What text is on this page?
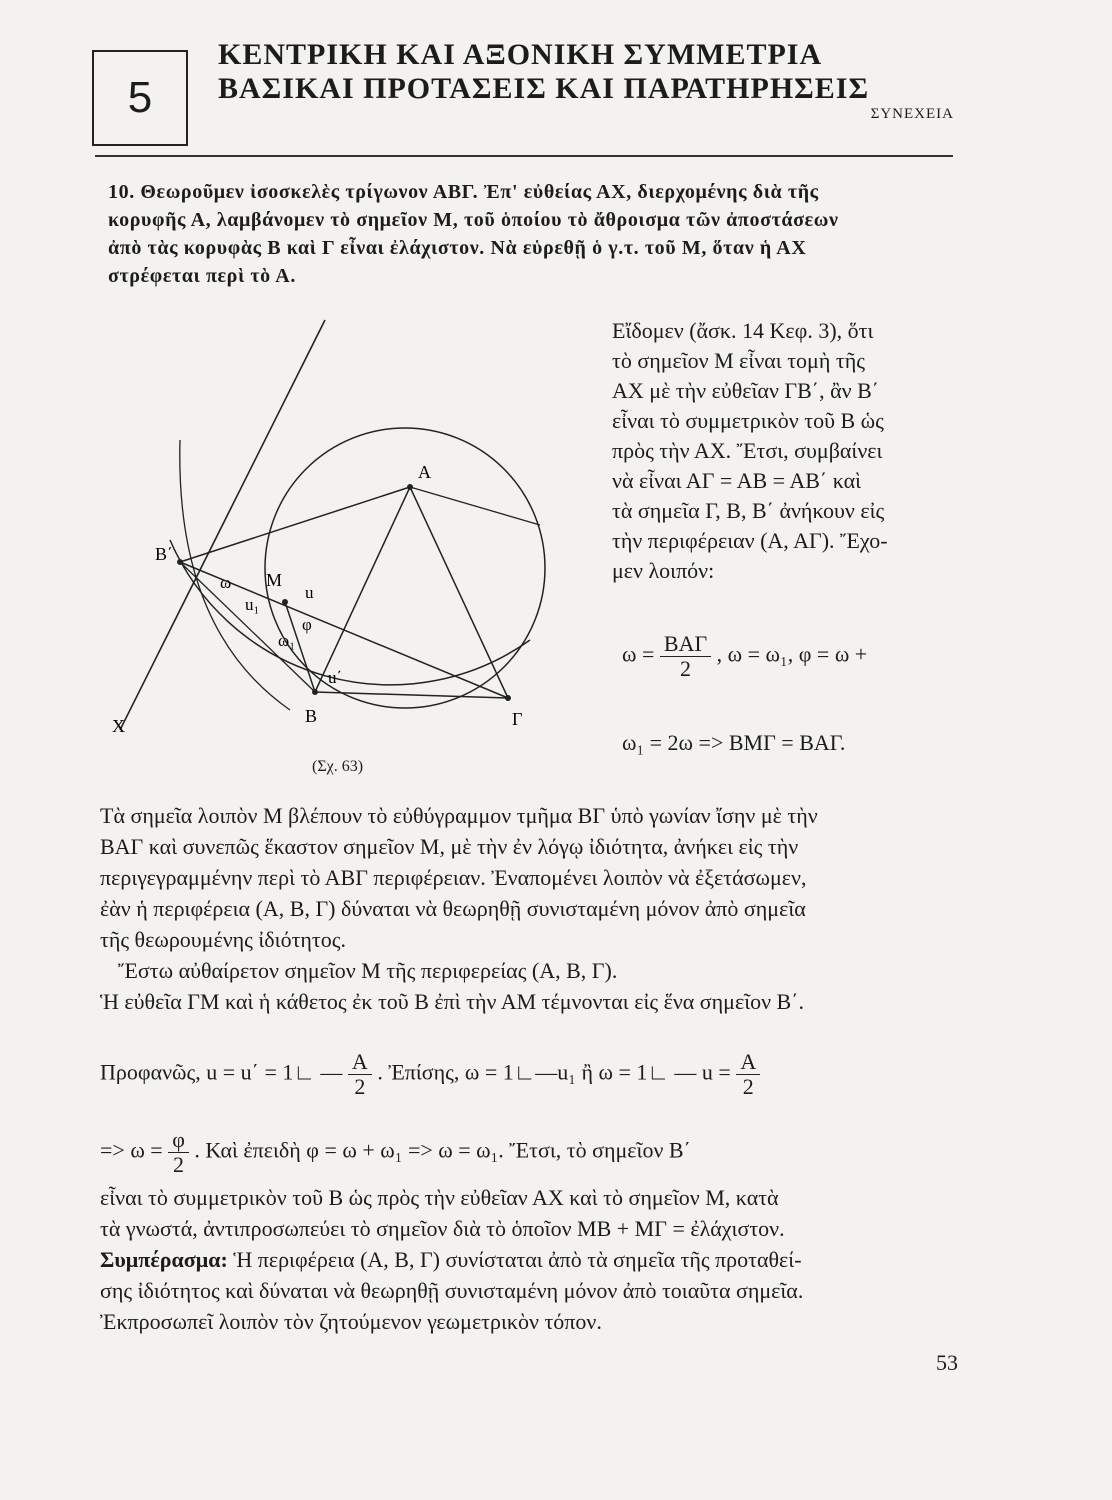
5
ΚΕΝΤΡΙΚΗ ΚΑΙ ΑΞΟΝΙΚΗ ΣΥΜΜΕΤΡΙΑ
ΒΑΣΙΚΑΙ ΠΡΟΤΑΣΕΙΣ ΚΑΙ ΠΑΡΑΤΗΡΗΣΕΙΣ
ΣΥΝΕΧΕΙΑ
10. Θεωροῦμεν ἰσοσκελὲς τρίγωνον ΑΒΓ. Ἐπ' εὐθείας ΑΧ, διερχομένης διὰ τῆς
κορυφῆς Α, λαμβάνομεν τὸ σημεῖον Μ, τοῦ ὁποίου τὸ ἄθροισμα τῶν ἀποστάσεων
ἀπὸ τὰς κορυφὰς Β καὶ Γ εἶναι ἐλάχιστον. Νὰ εὑρεθῇ ὁ γ.τ. τοῦ Μ, ὅταν ἡ ΑΧ
στρέφεται περὶ τὸ Α.
Α
Β	Γ
Β΄
Μ
Χ
ω
u
u₁
φ
ω₁
u΄
(Σχ. 63)

Εἴδομεν (ἄσκ. 14 Κεφ. 3), ὅτι

τὸ σημεῖον Μ εἶναι τομὴ τῆς

ΑΧ μὲ τὴν εὐθεῖαν ΓΒ΄, ἂν Β΄

εἶναι τὸ συμμετρικὸν τοῦ Β ὡς

πρὸς τὴν ΑΧ. Ἔτσι, συμβαίνει

νὰ εἶναι ΑΓ = ΑΒ = ΑΒ΄ καὶ

τὰ σημεῖα Γ, Β, Β΄ ἀνήκουν εἰς

τὴν περιφέρειαν (Α, ΑΓ). Ἔχο-

μεν λοιπόν:

$\omega = \frac{\text{ΒΑΓ}}{2}$ , ω = ω₁, φ = ω +
ω₁ = 2ω => ΒΜΓ = ΒΑΓ.

Τὰ σημεῖα λοιπὸν Μ βλέπουν τὸ εὐθύγραμμον τμῆμα ΒΓ ὑπὸ γωνίαν ἴσην μὲ τὴν

ΒΑΓ καὶ συνεπῶς ἕκαστον σημεῖον Μ, μὲ τὴν ἐν λόγῳ ἰδιότητα, ἀνήκει εἰς τὴν

περιγεγραμμένην περὶ τὸ ΑΒΓ περιφέρειαν. Ἐναπομένει λοιπὸν νὰ ἐξετάσωμεν,

ἐὰν ἡ περιφέρεια (Α, Β, Γ) δύναται νὰ θεωρηθῇ συνισταμένη μόνον ἀπὸ σημεῖα

τῆς θεωρουμένης ἰδιότητος.

Ἔστω αὐθαίρετον σημεῖον Μ τῆς περιφερείας (Α, Β, Γ).

Ἡ εὐθεῖα ΓΜ καὶ ἡ κάθετος ἐκ τοῦ Β ἐπὶ τὴν ΑΜ τέμνονται εἰς ἕνα σημεῖον Β΄.

Προφανῶς, u = u΄ = 1∟ — $\frac{A}{2}$ . Ἐπίσης, ω = 1∟—u₁ ἢ ω = 1∟ — $u = \frac{A}{2}$
=> $\omega = \frac{\varphi}{2}$ . Καὶ ἐπειδὴ φ = ω + ω₁ => ω = ω₁. Ἔτσι, τὸ σημεῖον Β΄

εἶναι τὸ συμμετρικὸν τοῦ Β ὡς πρὸς τὴν εὐθεῖαν ΑΧ καὶ τὸ σημεῖον Μ, κατὰ

τὰ γνωστά, ἀντιπροσωπεύει τὸ σημεῖον διὰ τὸ ὁποῖον ΜΒ + ΜΓ = ἐλάχιστον.

Συμπέρασμα: Ἡ περιφέρεια (Α, Β, Γ) συνίσταται ἀπὸ τὰ σημεῖα τῆς προταθεί-

σης ἰδιότητος καὶ δύναται νὰ θεωρηθῇ συνισταμένη μόνον ἀπὸ τοιαῦτα σημεῖα.

Ἐκπροσωπεῖ λοιπὸν τὸν ζητούμενον γεωμετρικὸν τόπον.

53
